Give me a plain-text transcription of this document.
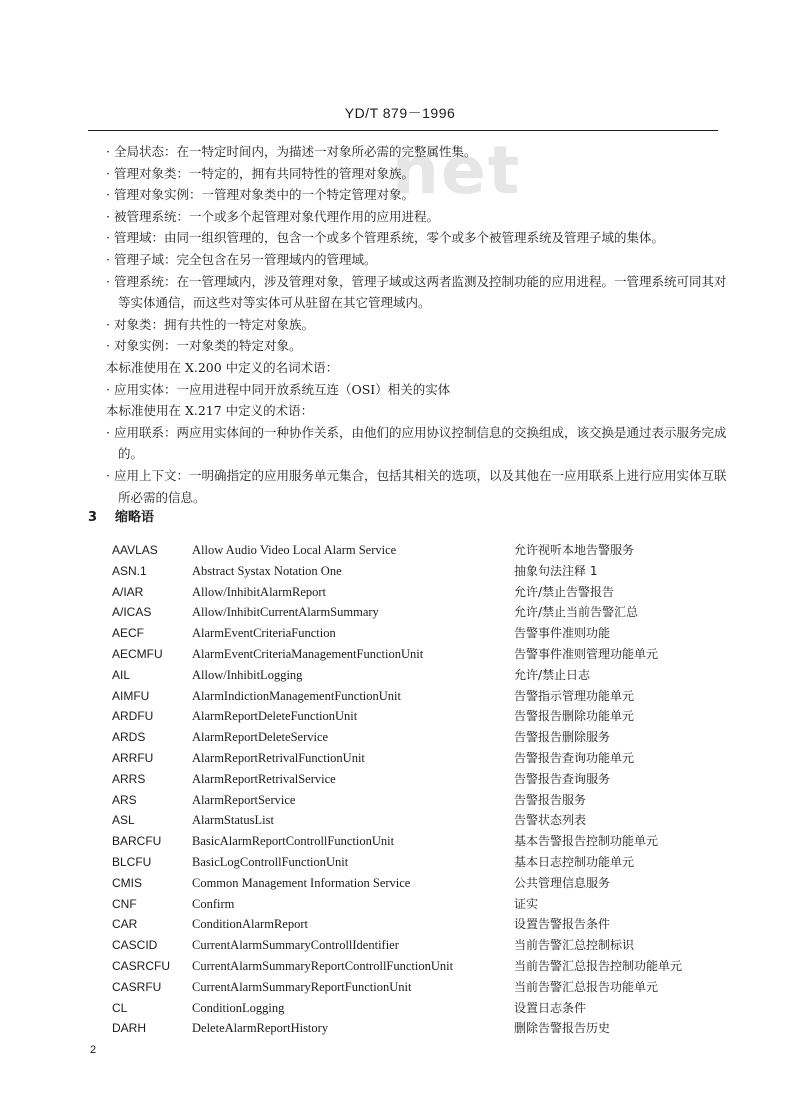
net
YD/T 879－1996

· 全局状态：在一特定时间内，为描述一对象所必需的完整属性集。

· 管理对象类：一特定的，拥有共同特性的管理对象族。

· 管理对象实例：一管理对象类中的一个特定管理对象。

· 被管理系统：一个或多个起管理对象代理作用的应用进程。

· 管理域：由同一组织管理的，包含一个或多个管理系统，零个或多个被管理系统及管理子域的集体。

· 管理子域：完全包含在另一管理域内的管理域。

· 管理系统：在一管理域内，涉及管理对象，管理子域或这两者监测及控制功能的应用进程。一管理系统可同其对等实体通信，而这些对等实体可从驻留在其它管理域内。

· 对象类：拥有共性的一特定对象族。

· 对象实例：一对象类的特定对象。

本标准使用在 X.200 中定义的名词术语：

· 应用实体：一应用进程中同开放系统互连（OSI）相关的实体

本标准使用在 X.217 中定义的术语：

· 应用联系：两应用实体间的一种协作关系，由他们的应用协议控制信息的交换组成，该交换是通过表示服务完成的。

· 应用上下文：一明确指定的应用服务单元集合，包括其相关的选项，以及其他在一应用联系上进行应用实体互联所必需的信息。

3 缩略语
AAVLAS	Allow Audio Video Local Alarm Service	允许视听本地告警服务
ASN.1	Abstract Systax Notation One	抽象句法注释 1
A/IAR	Allow/InhibitAlarmReport	允许/禁止告警报告
A/ICAS	Allow/InhibitCurrentAlarmSummary	允许/禁止当前告警汇总
AECF	AlarmEventCriteriaFunction	告警事件准则功能
AECMFU AlarmEventCriteriaManagementFunctionUnit	告警事件准则管理功能单元
AIL	Allow/InhibitLogging	允许/禁止日志
AIMFU	AlarmIndictionManagementFunctionUnit	告警指示管理功能单元
ARDFU	AlarmReportDeleteFunctionUnit	告警报告删除功能单元
ARDS	AlarmReportDeleteService	告警报告删除服务
ARRFU	AlarmReportRetrivalFunctionUnit	告警报告查询功能单元
ARRS	AlarmReportRetrivalService	告警报告查询服务
ARS	AlarmReportService	告警报告服务
ASL	AlarmStatusList	告警状态列表
BARCFU BasicAlarmReportControllFunctionUnit	基本告警报告控制功能单元
BLCFU	BasicLogControllFunctionUnit	基本日志控制功能单元
CMIS	Common Management Information Service	公共管理信息服务
CNF	Confirm	证实
CAR	ConditionAlarmReport	设置告警报告条件
CASCID	CurrentAlarmSummaryControllIdentifier	当前告警汇总控制标识
CASRCFU CurrentAlarmSummaryReportControllFunctionUnit	当前告警汇总报告控制功能单元
CASRFU CurrentAlarmSummaryReportFunctionUnit	当前告警汇总报告功能单元
CL	ConditionLogging	设置日志条件
DARH	DeleteAlarmReportHistory	删除告警报告历史
2
